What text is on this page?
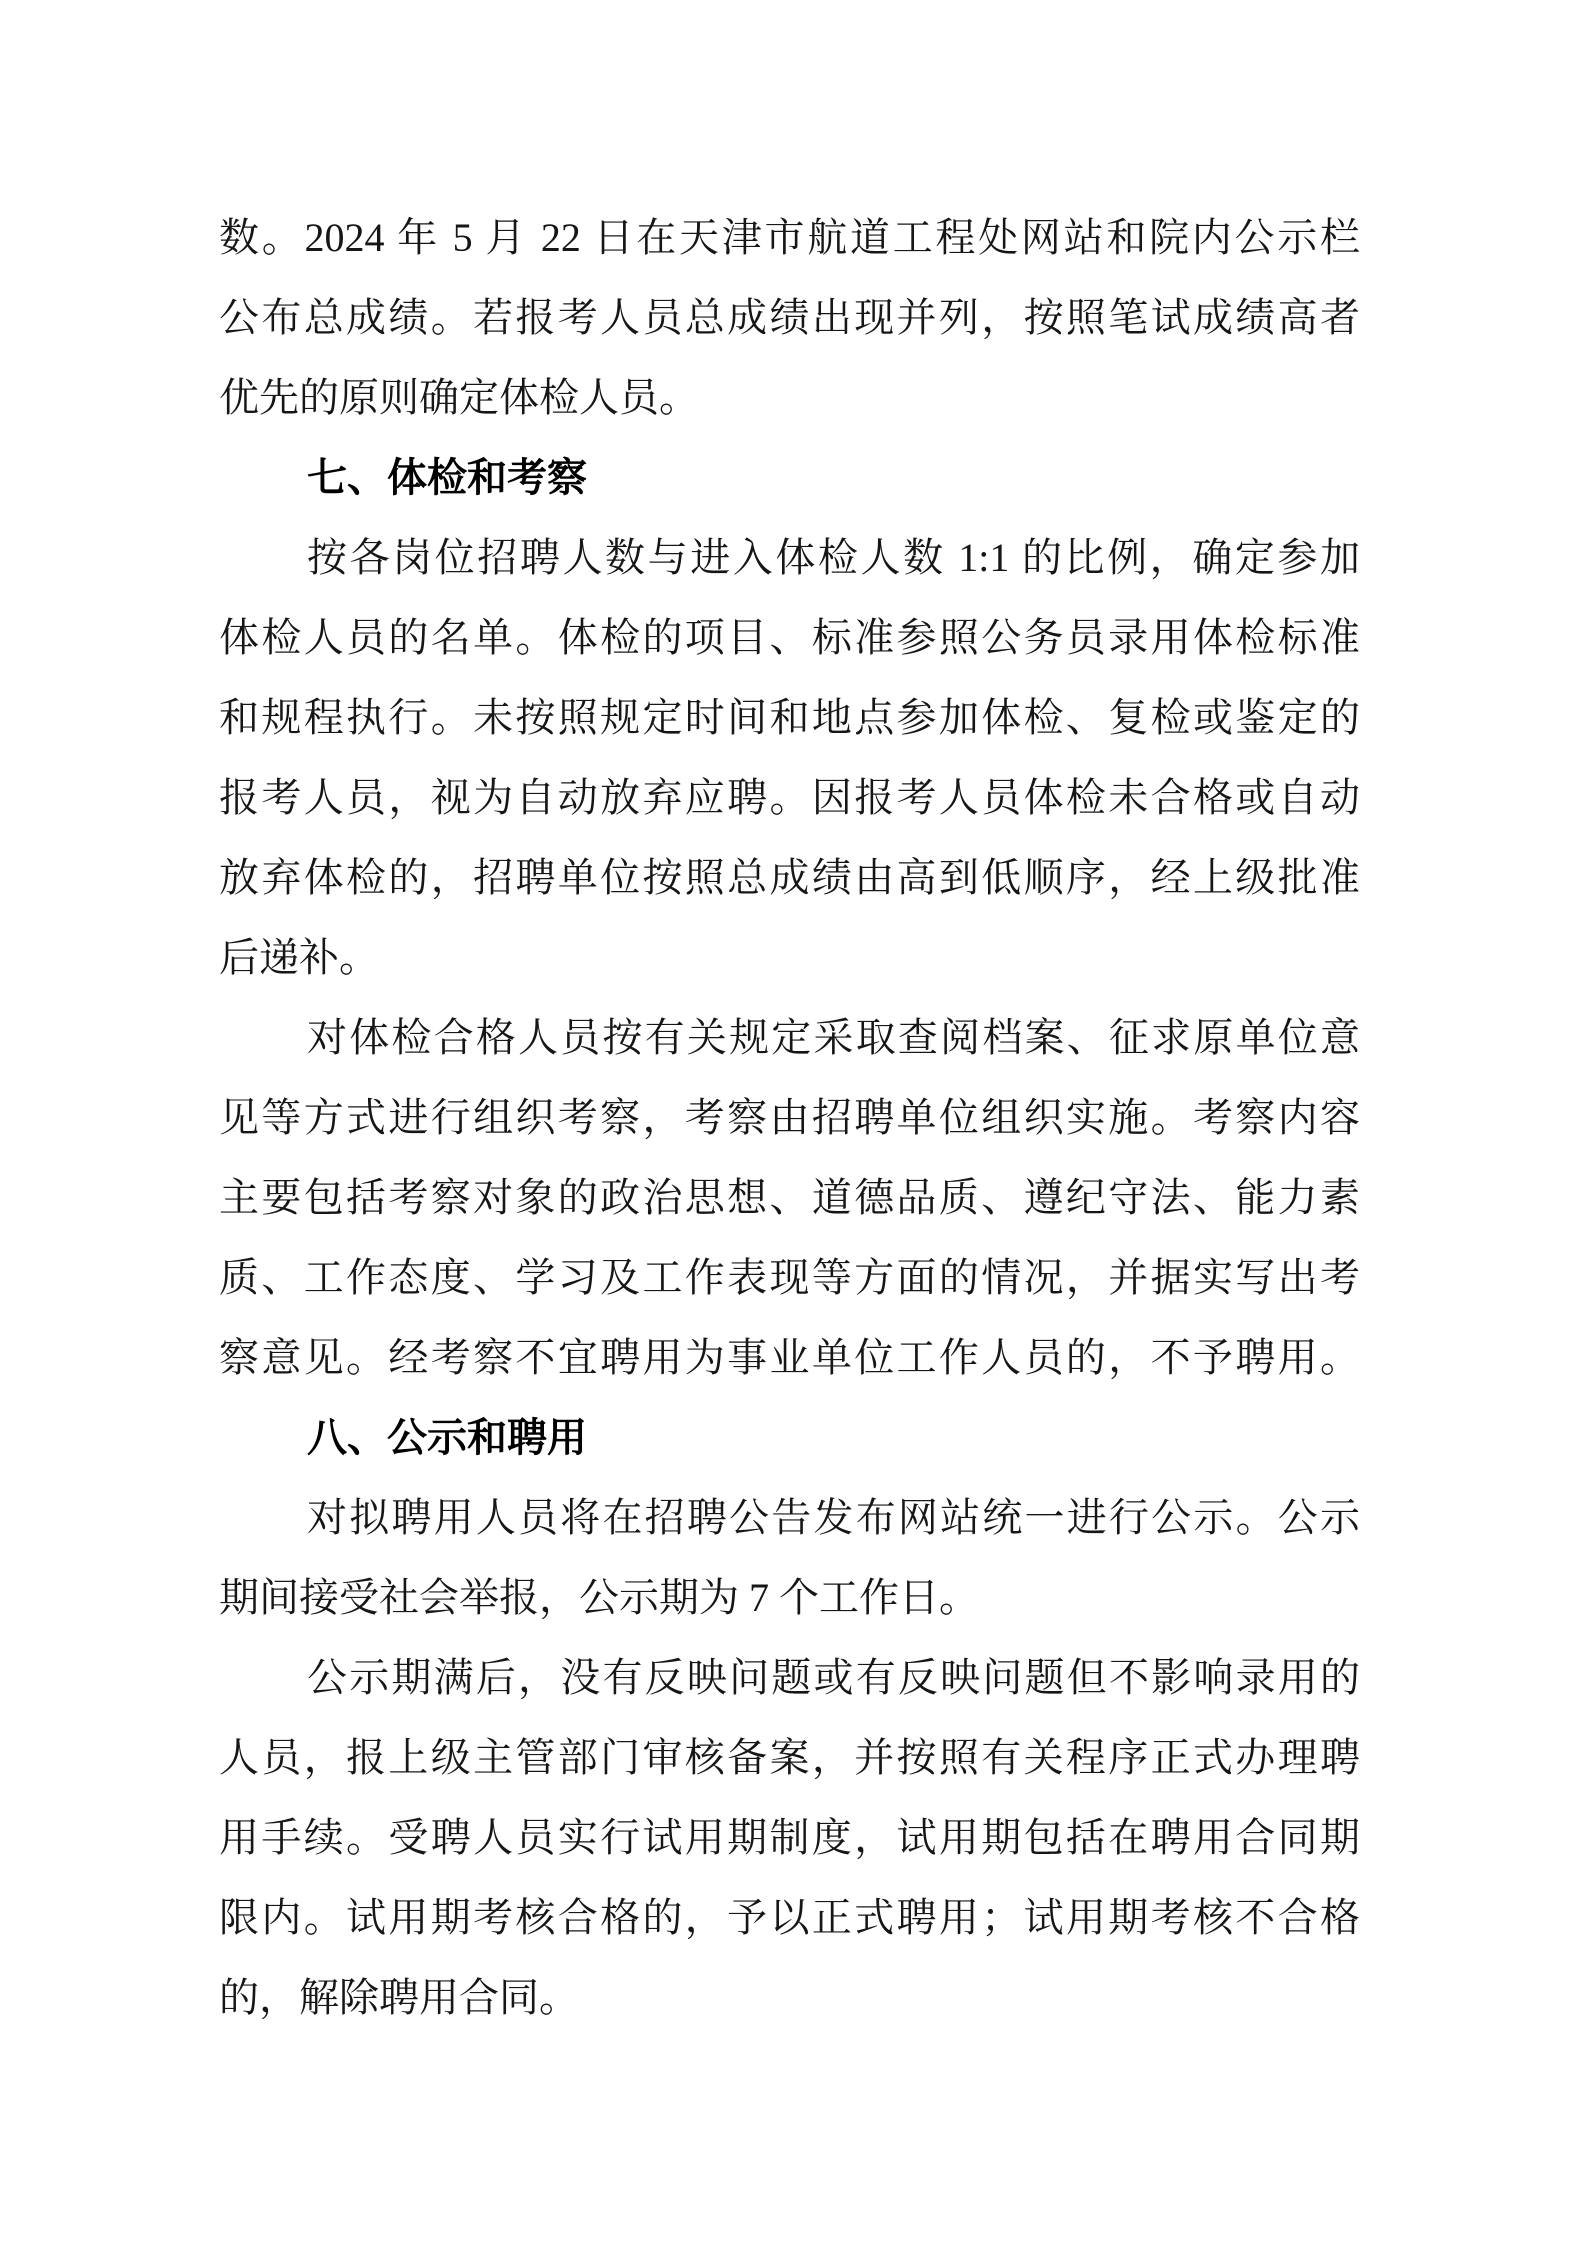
数。2024 年 5 月 22 日在天津市航道工程处网站和院内公示栏
公布总成绩。若报考人员总成绩出现并列，按照笔试成绩高者
优先的原则确定体检人员。
七、体检和考察
按各岗位招聘人数与进入体检人数 1:1 的比例，确定参加
体检人员的名单。体检的项目、标准参照公务员录用体检标准
和规程执行。未按照规定时间和地点参加体检、复检或鉴定的
报考人员，视为自动放弃应聘。因报考人员体检未合格或自动
放弃体检的，招聘单位按照总成绩由高到低顺序，经上级批准
后递补。
对体检合格人员按有关规定采取查阅档案、征求原单位意
见等方式进行组织考察，考察由招聘单位组织实施。考察内容
主要包括考察对象的政治思想、道德品质、遵纪守法、能力素
质、工作态度、学习及工作表现等方面的情况，并据实写出考
察意见。经考察不宜聘用为事业单位工作人员的，不予聘用。
八、公示和聘用
对拟聘用人员将在招聘公告发布网站统一进行公示。公示
期间接受社会举报，公示期为 7 个工作日。
公示期满后，没有反映问题或有反映问题但不影响录用的
人员，报上级主管部门审核备案，并按照有关程序正式办理聘
用手续。受聘人员实行试用期制度，试用期包括在聘用合同期
限内。试用期考核合格的，予以正式聘用；试用期考核不合格
的，解除聘用合同。
